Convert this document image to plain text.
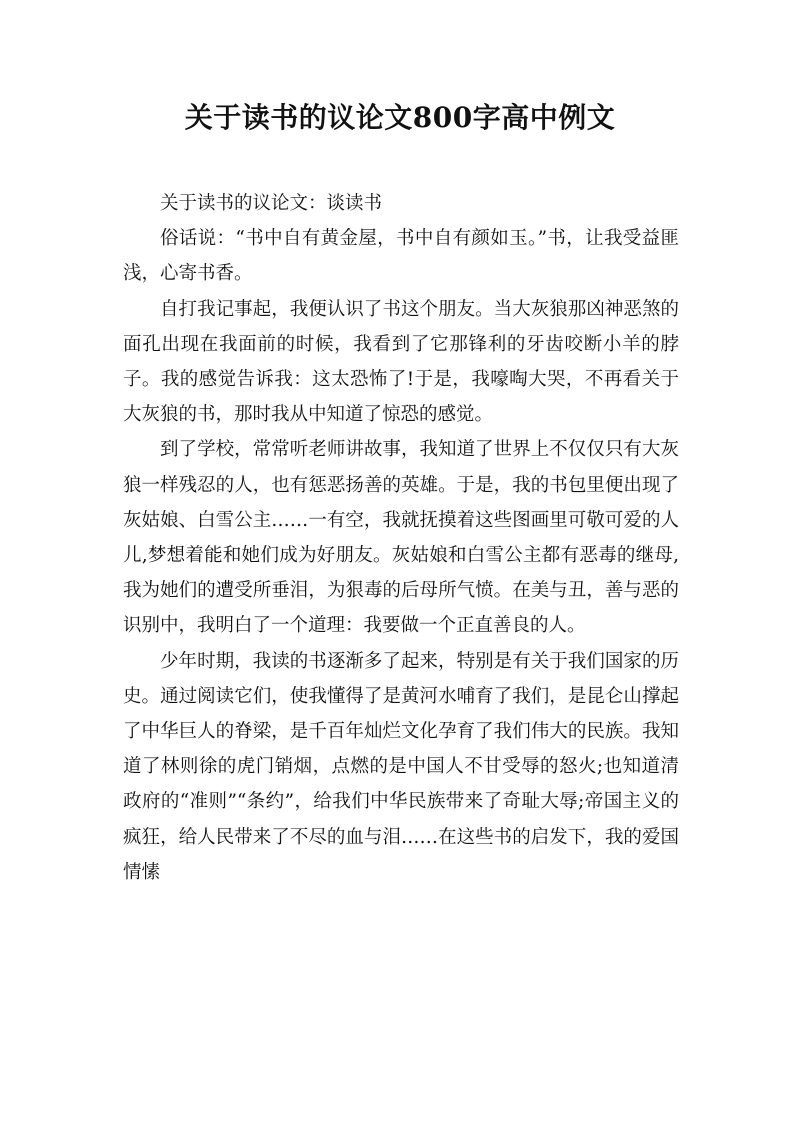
关于读书的议论文800字高中例文

关于读书的议论文：谈读书

俗话说：“书中自有黄金屋，书中自有颜如玉。”书，让我受益匪浅，心寄书香。

自打我记事起，我便认识了书这个朋友。当大灰狼那凶神恶煞的面孔出现在我面前的时候，我看到了它那锋利的牙齿咬断小羊的脖子。我的感觉告诉我：这太恐怖了!于是，我嚎啕大哭，不再看关于大灰狼的书，那时我从中知道了惊恐的感觉。

到了学校，常常听老师讲故事，我知道了世界上不仅仅只有大灰狼一样残忍的人，也有惩恶扬善的英雄。于是，我的书包里便出现了灰姑娘、白雪公主……一有空，我就抚摸着这些图画里可敬可爱的人儿,梦想着能和她们成为好朋友。灰姑娘和白雪公主都有恶毒的继母,我为她们的遭受所垂泪，为狠毒的后母所气愤。在美与丑，善与恶的识别中，我明白了一个道理：我要做一个正直善良的人。

少年时期，我读的书逐渐多了起来，特别是有关于我们国家的历史。通过阅读它们，使我懂得了是黄河水哺育了我们，是昆仑山撑起了中华巨人的脊梁，是千百年灿烂文化孕育了我们伟大的民族。我知道了林则徐的虎门销烟，点燃的是中国人不甘受辱的怒火;也知道清政府的“准则”“条约”，给我们中华民族带来了奇耻大辱;帝国主义的疯狂，给人民带来了不尽的血与泪……在这些书的启发下，我的爱国情愫
